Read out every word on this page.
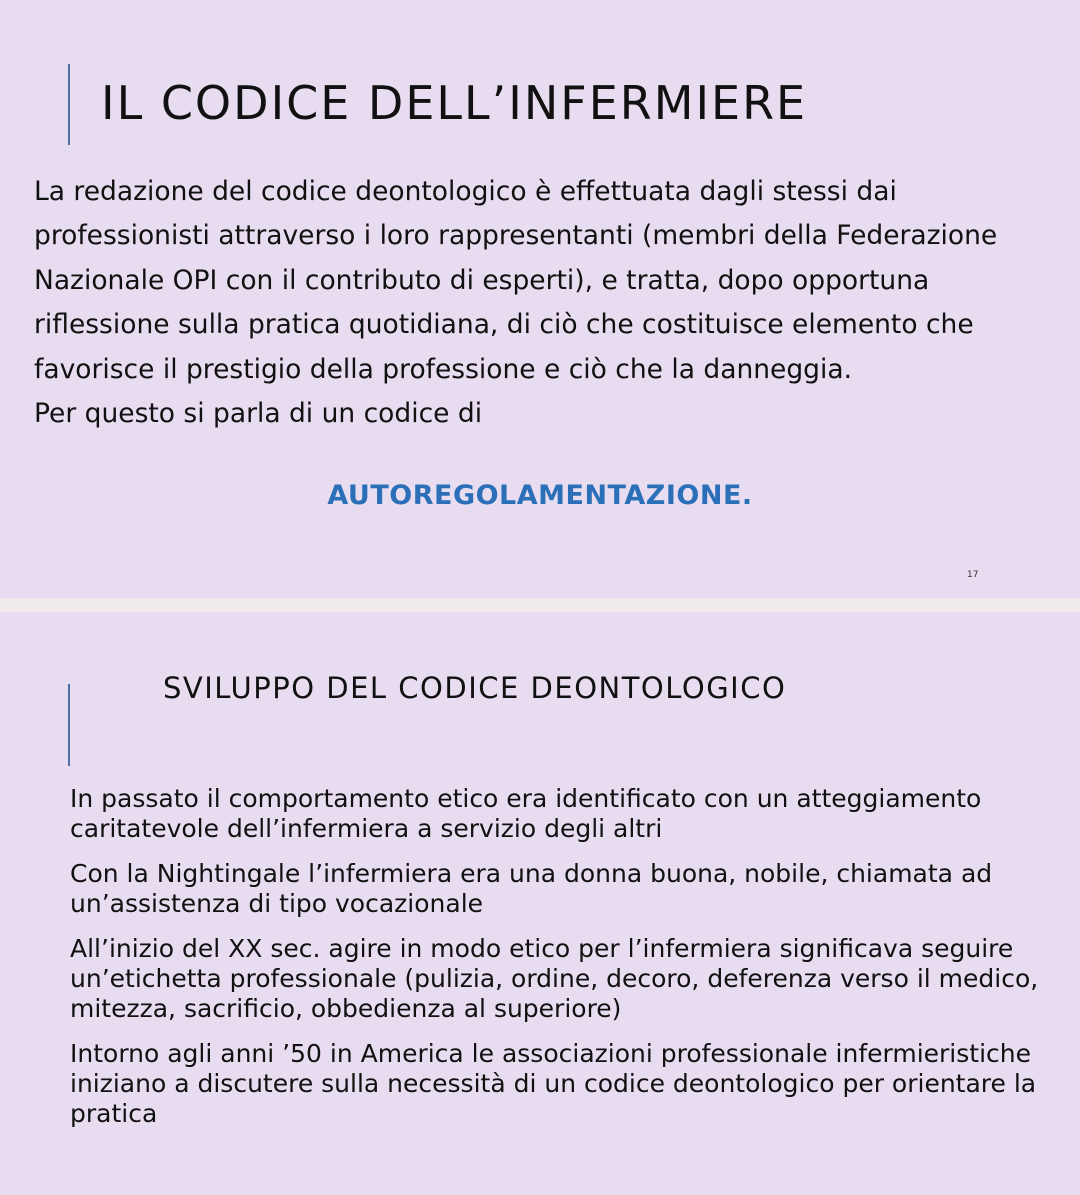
IL CODICE DELL’INFERMIERE
La redazione del codice deontologico è effettuata dagli stessi dai professionisti attraverso i loro rappresentanti (membri della Federazione Nazionale OPI con il contributo di esperti), e tratta, dopo opportuna riflessione sulla pratica quotidiana, di ciò che costituisce elemento che favorisce il prestigio della professione e ciò che la danneggia.
Per questo si parla di un codice di
AUTOREGOLAMENTAZIONE.
17
SVILUPPO DEL CODICE DEONTOLOGICO

In passato il comportamento etico era identificato con un atteggiamento caritatevole dell’infermiera a servizio degli altri

Con la Nightingale l’infermiera era una donna buona, nobile, chiamata ad un’assistenza di tipo vocazionale

All’inizio del XX sec. agire in modo etico per l’infermiera significava seguire un’etichetta professionale (pulizia, ordine, decoro, deferenza verso il medico, mitezza, sacrificio, obbedienza al superiore)

Intorno agli anni ’50 in America le associazioni professionale infermieristiche iniziano a discutere sulla necessità di un codice deontologico per orientare la pratica
